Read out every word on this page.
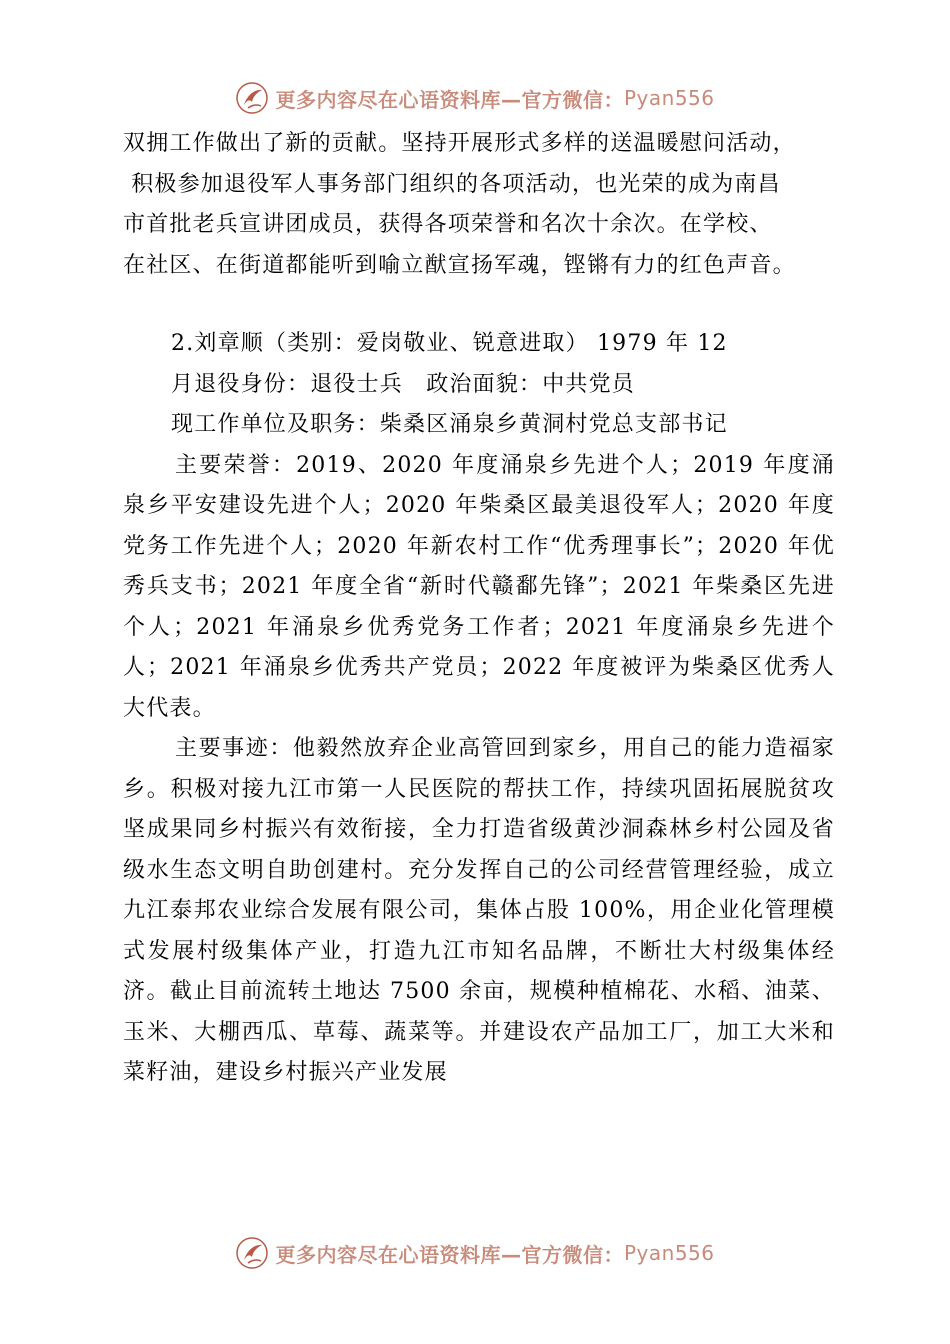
更多内容尽在心语资料库—官方微信： Pyan556

双拥工作做出了新的贡献。坚持开展形式多样的送温暖慰问活动，

积极参加退役军人事务部门组织的各项活动，也光荣的成为南昌

市首批老兵宣讲团成员，获得各项荣誉和名次十余次。在学校、

在社区、在街道都能听到喻立猷宣扬军魂，铿锵有力的红色声音。

2.刘章顺（类别：爱岗敬业、锐意进取） 1979 年 12

月退役身份：退役士兵　政治面貌：中共党员

现工作单位及职务：柴桑区涌泉乡黄洞村党总支部书记

主要荣誉：2019、2020 年度涌泉乡先进个人；2019 年度涌泉乡平安建设先进个人；2020 年柴桑区最美退役军人；2020 年度党务工作先进个人；2020 年新农村工作“优秀理事长”；2020 年优秀兵支书；2021 年度全省“新时代赣鄱先锋”；2021 年柴桑区先进个人；2021 年涌泉乡优秀党务工作者；2021 年度涌泉乡先进个人；2021 年涌泉乡优秀共产党员；2022 年度被评为柴桑区优秀人大代表。

主要事迹：他毅然放弃企业高管回到家乡，用自己的能力造福家乡。积极对接九江市第一人民医院的帮扶工作，持续巩固拓展脱贫攻坚成果同乡村振兴有效衔接，全力打造省级黄沙洞森林乡村公园及省级水生态文明自助创建村。充分发挥自己的公司经营管理经验，成立九江泰邦农业综合发展有限公司，集体占股 100%，用企业化管理模式发展村级集体产业，打造九江市知名品牌，不断壮大村级集体经济。截止目前流转土地达 7500 余亩，规模种植棉花、水稻、油菜、玉米、大棚西瓜、草莓、蔬菜等。并建设农产品加工厂，加工大米和菜籽油，建设乡村振兴产业发展

更多内容尽在心语资料库—官方微信： Pyan556
